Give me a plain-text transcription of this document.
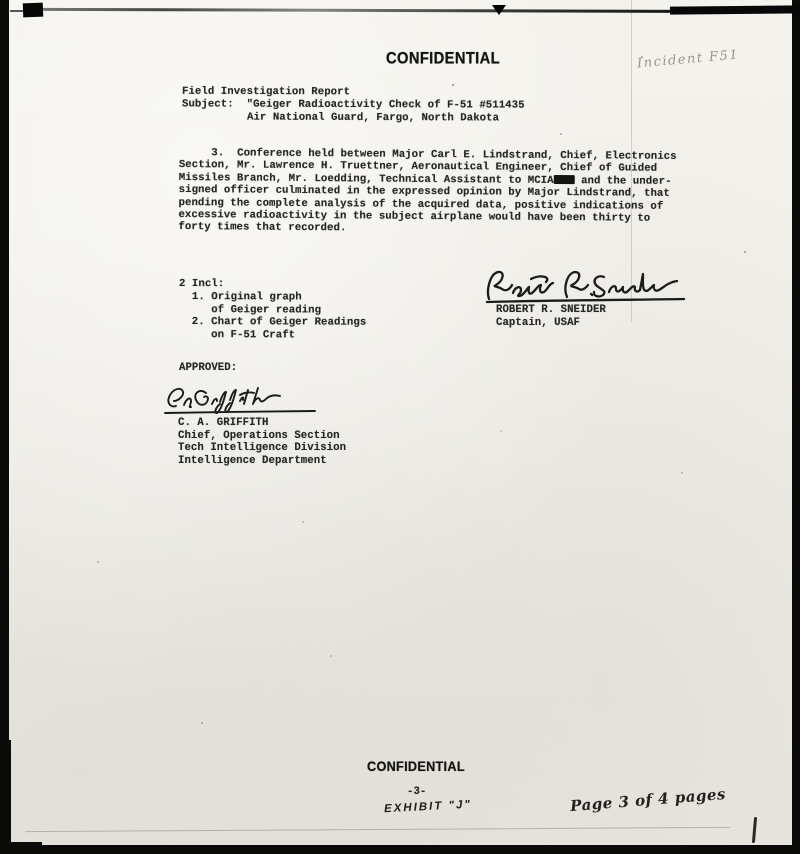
CONFIDENTIAL	Incident F51
Field Investigation Report
Subject:  "Geiger Radioactivity Check of F-51 #511435
Air National Guard, Fargo, North Dakota
3.  Conference held between Major Carl E. Lindstrand, Chief, Electronics
Section, Mr. Lawrence H. Truettner, Aeronautical Engineer, Chief of Guided
Missiles Branch, Mr. Loedding, Technical Assistant to MCIA and the under-
signed officer culminated in the expressed opinion by Major Lindstrand, that
pending the complete analysis of the acquired data, positive indications of
excessive radioactivity in the subject airplane would have been thirty to
forty times that recorded.
2 Incl:
1. Original graph
of Geiger reading
2. Chart of Geiger Readings
on F-51 Craft
ROBERT R. SNEIDER
Captain, USAF
APPROVED:
C. A. GRIFFITH
Chief, Operations Section
Tech Intelligence Division
Intelligence Department
CONFIDENTIAL
-3-
EXHIBIT "J"	Page 3 of 4 pages
